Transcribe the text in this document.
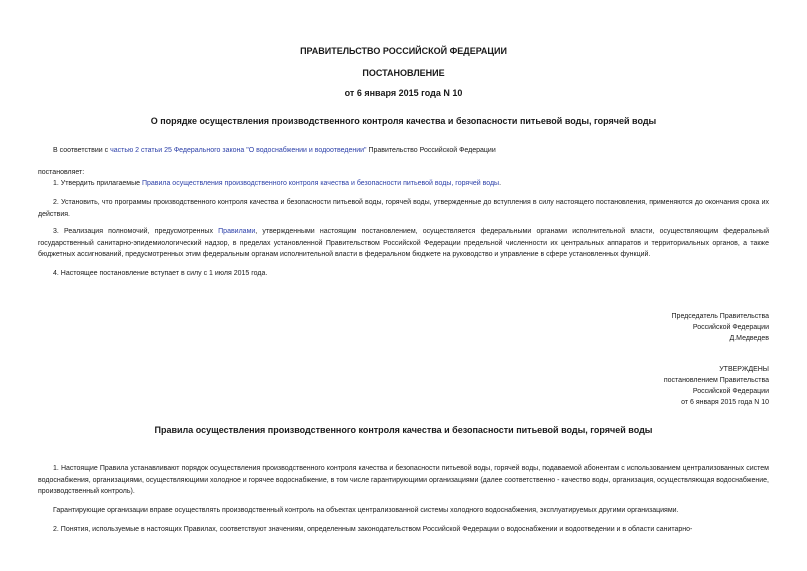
ПРАВИТЕЛЬСТВО РОССИЙСКОЙ ФЕДЕРАЦИИ
ПОСТАНОВЛЕНИЕ
от 6 января 2015 года N 10
О порядке осуществления производственного контроля качества и безопасности питьевой воды, горячей воды

В соответствии с частью 2 статьи 25 Федерального закона "О водоснабжении и водоотведении" Правительство Российской Федерации

постановляет:

1. Утвердить прилагаемые Правила осуществления производственного контроля качества и безопасности питьевой воды, горячей воды.

2. Установить, что программы производственного контроля качества и безопасности питьевой воды, горячей воды, утвержденные до вступления в силу настоящего постановления, применяются до окончания срока их действия.

3. Реализация полномочий, предусмотренных Правилами, утвержденными настоящим постановлением, осуществляется федеральными органами исполнительной власти, осуществляющим федеральный государственный санитарно-эпидемиологический надзор, в пределах установленной Правительством Российской Федерации предельной численности их центральных аппаратов и территориальных органов, а также бюджетных ассигнований, предусмотренных этим федеральным органам исполнительной власти в федеральном бюджете на руководство и управление в сфере установленных функций.

4. Настоящее постановление вступает в силу с 1 июля 2015 года.

Председатель Правительства
Российской Федерации
Д.Медведев
УТВЕРЖДЕНЫ
постановлением Правительства
Российской Федерации
от 6 января 2015 года N 10
Правила осуществления производственного контроля качества и безопасности питьевой воды, горячей воды

1. Настоящие Правила устанавливают порядок осуществления производственного контроля качества и безопасности питьевой воды, горячей воды, подаваемой абонентам с использованием централизованных систем водоснабжения, организациями, осуществляющими холодное и горячее водоснабжение, в том числе гарантирующими организациями (далее соответственно - качество воды, организация, осуществляющая водоснабжение, производственный контроль).

Гарантирующие организации вправе осуществлять производственный контроль на объектах централизованной системы холодного водоснабжения, эксплуатируемых другими организациями.

2. Понятия, используемые в настоящих Правилах, соответствуют значениям, определенным законодательством Российской Федерации о водоснабжении и водоотведении и в области санитарно-
